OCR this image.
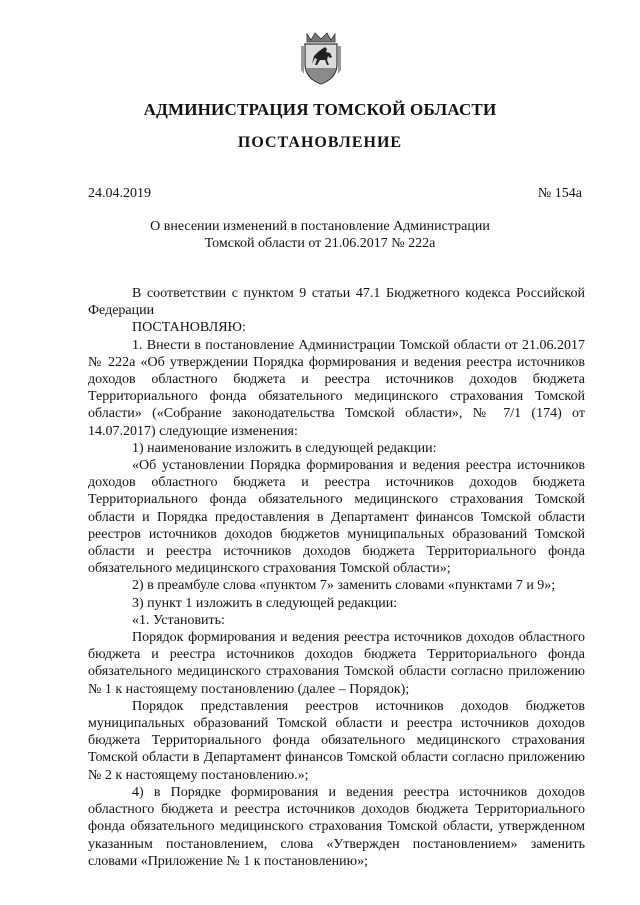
АДМИНИСТРАЦИЯ ТОМСКОЙ ОБЛАСТИ
ПОСТАНОВЛЕНИЕ
24.04.2019	№ 154а
О внесении изменений в постановление Администрации
Томской области от 21.06.2017 № 222а

В соответствии с пунктом 9 статьи 47.1 Бюджетного кодекса Российской Федерации

ПОСТАНОВЛЯЮ:

1. Внести в постановление Администрации Томской области от 21.06.2017 № 222а «Об утверждении Порядка формирования и ведения реестра источников доходов областного бюджета и реестра источников доходов бюджета Территориального фонда обязательного медицинского страхования Томской области» («Собрание законодательства Томской области», № 7/1 (174) от 14.07.2017) следующие изменения:

1) наименование изложить в следующей редакции:

«Об установлении Порядка формирования и ведения реестра источников доходов областного бюджета и реестра источников доходов бюджета Территориального фонда обязательного медицинского страхования Томской области и Порядка предоставления в Департамент финансов Томской области реестров источников доходов бюджетов муниципальных образований Томской области и реестра источников доходов бюджета Территориального фонда обязательного медицинского страхования Томской области»;

2) в преамбуле слова «пунктом 7» заменить словами «пунктами 7 и 9»;

3) пункт 1 изложить в следующей редакции:

«1. Установить:

Порядок формирования и ведения реестра источников доходов областного бюджета и реестра источников доходов бюджета Территориального фонда обязательного медицинского страхования Томской области согласно приложению № 1 к настоящему постановлению (далее – Порядок);

Порядок представления реестров источников доходов бюджетов муниципальных образований Томской области и реестра источников доходов бюджета Территориального фонда обязательного медицинского страхования Томской области в Департамент финансов Томской области согласно приложению № 2 к настоящему постановлению.»;

4) в Порядке формирования и ведения реестра источников доходов областного бюджета и реестра источников доходов бюджета Территориального фонда обязательного медицинского страхования Томской области, утвержденном указанным постановлением, слова «Утвержден постановлением» заменить словами «Приложение № 1 к постановлению»;
